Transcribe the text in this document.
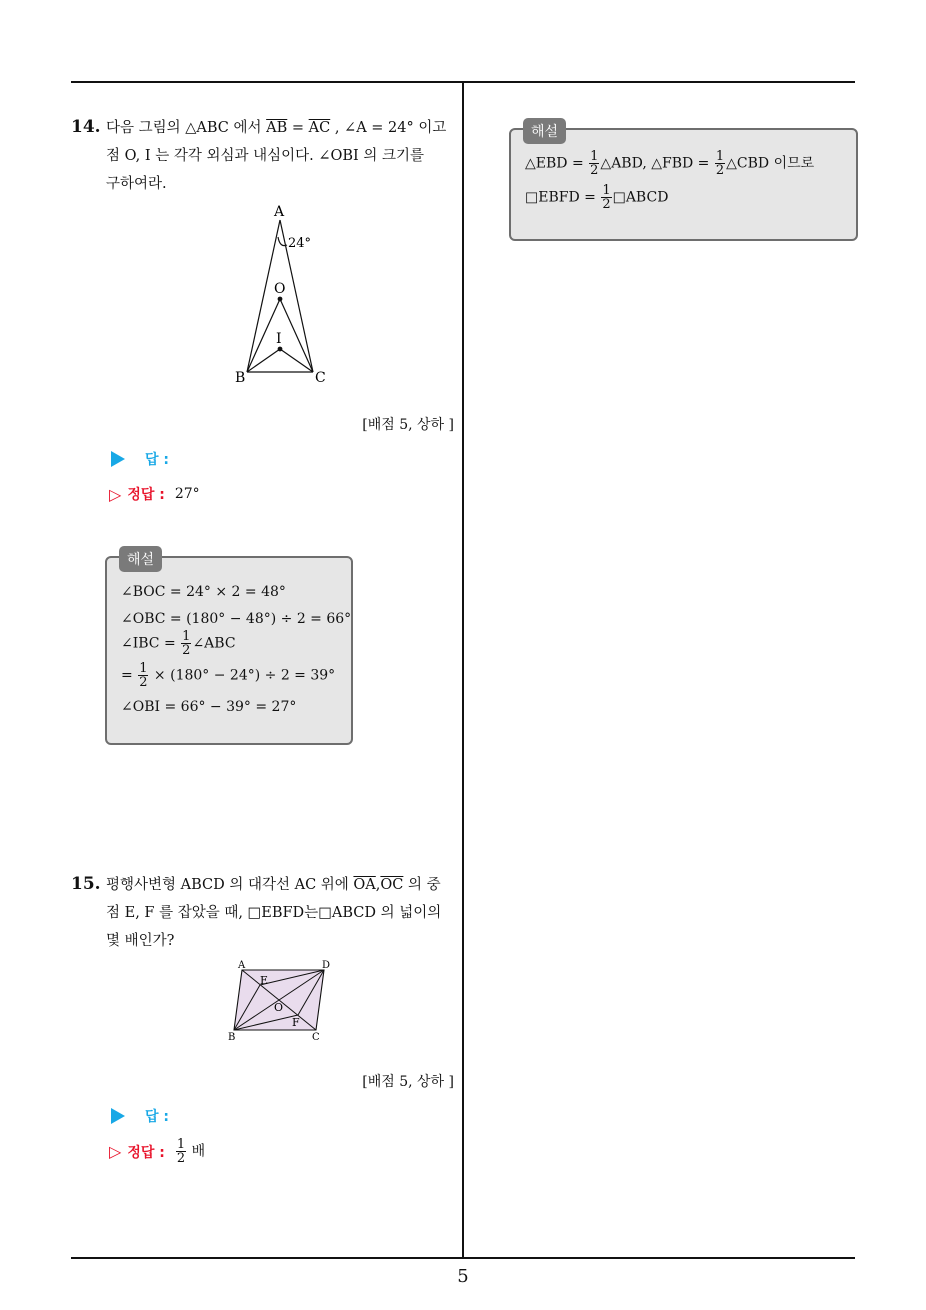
5
14. 다음 그림의 △ABC 에서 $\overline{AB} = \overline{AC}$ , ∠A = 24° 이고
점 O, I 는 각각 외심과 내심이다. ∠OBI 의 크기를
구하여라.
A
B	C
O
I
24°
[배점 5, 상하 ]
답 :
▷ 정답 : 27°
해설
∠BOC = 24° × 2 = 48°
∠OBC = (180° − 48°) ÷ 2 = 66°
∠IBC = $\frac{1}{2}$ ∠ABC
= $\frac{1}{2} \times (180^\circ - 24^\circ) \div 2 = 39^\circ$
∠OBI = 66° − 39° = 27°
15. 평행사변형 ABCD 의 대각선 AC 위에 $\overline{OA},\overline{OC}$ 의 중
점 E, F 를 잡았을 때, □EBFD는□ABCD 의 넓이의
몇 배인가?
A	D
B	C
E
F
O
[배점 5, 상하 ]
답 :
▷ 정답 : $\frac{1}{2}$ 배
해설
△EBD = $\frac{1}{2}$ △ABD, △FBD = $\frac{1}{2}$ △CBD 이므로
□EBFD = $\frac{1}{2}$ □ABCD
